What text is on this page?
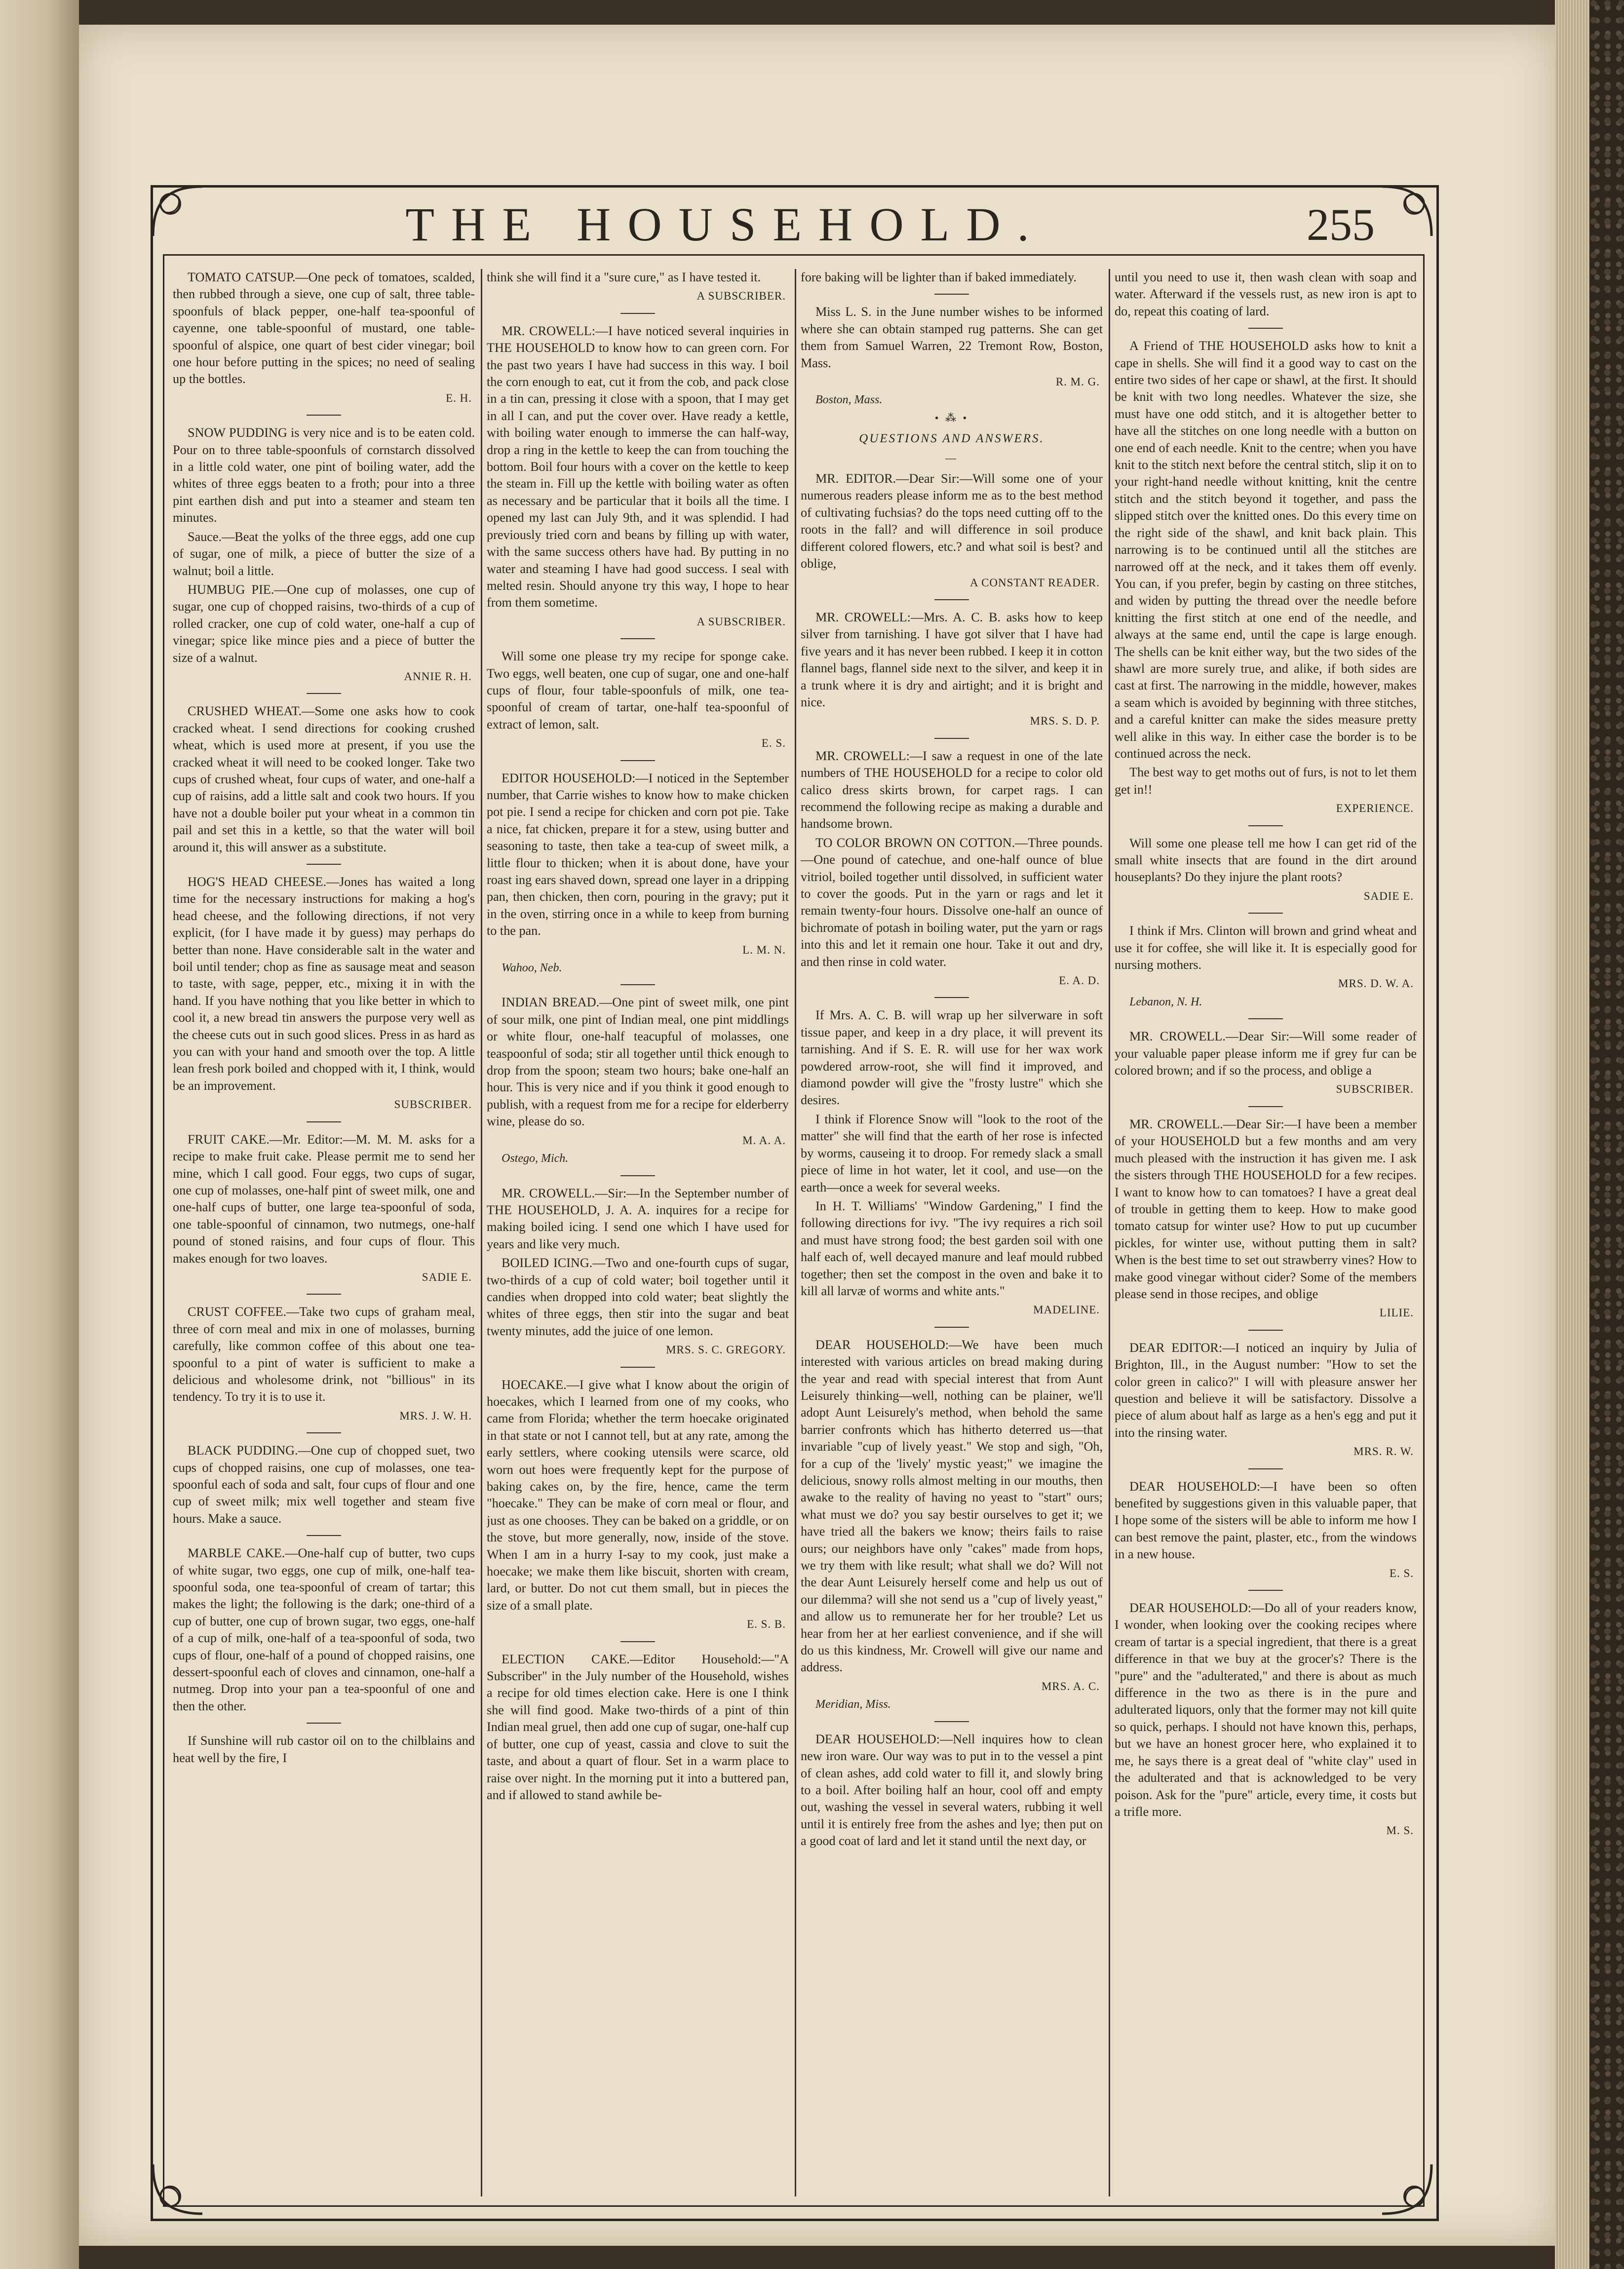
THE HOUSEHOLD.	255

TOMATO CATSUP.—One peck of tomatoes, scalded, then rubbed through a sieve, one cup of salt, three table-spoonfuls of black pepper, one-half tea-spoonful of cayenne, one table-spoonful of mustard, one table-spoonful of alspice, one quart of best cider vinegar; boil one hour before putting in the spices; no need of sealing up the bottles.

E. H.

SNOW PUDDING is very nice and is to be eaten cold. Pour on to three table-spoonfuls of cornstarch dissolved in a little cold water, one pint of boiling water, add the whites of three eggs beaten to a froth; pour into a three pint earthen dish and put into a steamer and steam ten minutes.

Sauce.—Beat the yolks of the three eggs, add one cup of sugar, one of milk, a piece of butter the size of a walnut; boil a little.

HUMBUG PIE.—One cup of molasses, one cup of sugar, one cup of chopped raisins, two-thirds of a cup of rolled cracker, one cup of cold water, one-half a cup of vinegar; spice like mince pies and a piece of butter the size of a walnut.

ANNIE R. H.

CRUSHED WHEAT.—Some one asks how to cook cracked wheat. I send directions for cooking crushed wheat, which is used more at present, if you use the cracked wheat it will need to be cooked longer. Take two cups of crushed wheat, four cups of water, and one-half a cup of raisins, add a little salt and cook two hours. If you have not a double boiler put your wheat in a common tin pail and set this in a kettle, so that the water will boil around it, this will answer as a substitute.

HOG'S HEAD CHEESE.—Jones has waited a long time for the necessary instructions for making a hog's head cheese, and the following directions, if not very explicit, (for I have made it by guess) may perhaps do better than none. Have considerable salt in the water and boil until tender; chop as fine as sausage meat and season to taste, with sage, pepper, etc., mixing it in with the hand. If you have nothing that you like better in which to cool it, a new bread tin answers the purpose very well as the cheese cuts out in such good slices. Press in as hard as you can with your hand and smooth over the top. A little lean fresh pork boiled and chopped with it, I think, would be an improvement.

SUBSCRIBER.

FRUIT CAKE.—Mr. Editor:—M. M. M. asks for a recipe to make fruit cake. Please permit me to send her mine, which I call good. Four eggs, two cups of sugar, one cup of molasses, one-half pint of sweet milk, one and one-half cups of butter, one large tea-spoonful of soda, one table-spoonful of cinnamon, two nutmegs, one-half pound of stoned raisins, and four cups of flour. This makes enough for two loaves.

SADIE E.

CRUST COFFEE.—Take two cups of graham meal, three of corn meal and mix in one of molasses, burning carefully, like common coffee of this about one tea-spoonful to a pint of water is sufficient to make a delicious and wholesome drink, not "billious" in its tendency. To try it is to use it.

MRS. J. W. H.

BLACK PUDDING.—One cup of chopped suet, two cups of chopped raisins, one cup of molasses, one tea-spoonful each of soda and salt, four cups of flour and one cup of sweet milk; mix well together and steam five hours. Make a sauce.

MARBLE CAKE.—One-half cup of butter, two cups of white sugar, two eggs, one cup of milk, one-half tea-spoonful soda, one tea-spoonful of cream of tartar; this makes the light; the following is the dark; one-third of a cup of butter, one cup of brown sugar, two eggs, one-half of a cup of milk, one-half of a tea-spoonful of soda, two cups of flour, one-half of a pound of chopped raisins, one dessert-spoonful each of cloves and cinnamon, one-half a nutmeg. Drop into your pan a tea-spoonful of one and then the other.

If Sunshine will rub castor oil on to the chilblains and heat well by the fire, I

think she will find it a "sure cure," as I have tested it.

A SUBSCRIBER.

MR. CROWELL:—I have noticed several inquiries in THE HOUSEHOLD to know how to can green corn. For the past two years I have had success in this way. I boil the corn enough to eat, cut it from the cob, and pack close in a tin can, pressing it close with a spoon, that I may get in all I can, and put the cover over. Have ready a kettle, with boiling water enough to immerse the can half-way, drop a ring in the kettle to keep the can from touching the bottom. Boil four hours with a cover on the kettle to keep the steam in. Fill up the kettle with boiling water as often as necessary and be particular that it boils all the time. I opened my last can July 9th, and it was splendid. I had previously tried corn and beans by filling up with water, with the same success others have had. By putting in no water and steaming I have had good success. I seal with melted resin. Should anyone try this way, I hope to hear from them sometime.

A SUBSCRIBER.

Will some one please try my recipe for sponge cake. Two eggs, well beaten, one cup of sugar, one and one-half cups of flour, four table-spoonfuls of milk, one tea-spoonful of cream of tartar, one-half tea-spoonful of extract of lemon, salt.

E. S.

EDITOR HOUSEHOLD:—I noticed in the September number, that Carrie wishes to know how to make chicken pot pie. I send a recipe for chicken and corn pot pie. Take a nice, fat chicken, prepare it for a stew, using butter and seasoning to taste, then take a tea-cup of sweet milk, a little flour to thicken; when it is about done, have your roast ing ears shaved down, spread one layer in a dripping pan, then chicken, then corn, pouring in the gravy; put it in the oven, stirring once in a while to keep from burning to the pan.

L. M. N.
Wahoo, Neb.

INDIAN BREAD.—One pint of sweet milk, one pint of sour milk, one pint of Indian meal, one pint middlings or white flour, one-half teacupful of molasses, one teaspoonful of soda; stir all together until thick enough to drop from the spoon; steam two hours; bake one-half an hour. This is very nice and if you think it good enough to publish, with a request from me for a recipe for elderberry wine, please do so.

M. A. A.
Ostego, Mich.

MR. CROWELL.—Sir:—In the September number of THE HOUSEHOLD, J. A. A. inquires for a recipe for making boiled icing. I send one which I have used for years and like very much.

BOILED ICING.—Two and one-fourth cups of sugar, two-thirds of a cup of cold water; boil together until it candies when dropped into cold water; beat slightly the whites of three eggs, then stir into the sugar and beat twenty minutes, add the juice of one lemon.

MRS. S. C. GREGORY.

HOECAKE.—I give what I know about the origin of hoecakes, which I learned from one of my cooks, who came from Florida; whether the term hoecake originated in that state or not I cannot tell, but at any rate, among the early settlers, where cooking utensils were scarce, old worn out hoes were frequently kept for the purpose of baking cakes on, by the fire, hence, came the term "hoecake." They can be make of corn meal or flour, and just as one chooses. They can be baked on a griddle, or on the stove, but more generally, now, inside of the stove. When I am in a hurry I-say to my cook, just make a hoecake; we make them like biscuit, shorten with cream, lard, or butter. Do not cut them small, but in pieces the size of a small plate.

E. S. B.

ELECTION CAKE.—Editor Household:—"A Subscriber" in the July number of the Household, wishes a recipe for old times election cake. Here is one I think she will find good. Make two-thirds of a pint of thin Indian meal gruel, then add one cup of sugar, one-half cup of butter, one cup of yeast, cassia and clove to suit the taste, and about a quart of flour. Set in a warm place to raise over night. In the morning put it into a buttered pan, and if allowed to stand awhile be-

fore baking will be lighter than if baked immediately.

Miss L. S. in the June number wishes to be informed where she can obtain stamped rug patterns. She can get them from Samuel Warren, 22 Tremont Row, Boston, Mass.

R. M. G.
Boston, Mass.
• ⁂ •
QUESTIONS AND ANSWERS.
—

MR. EDITOR.—Dear Sir:—Will some one of your numerous readers please inform me as to the best method of cultivating fuchsias? do the tops need cutting off to the roots in the fall? and will difference in soil produce different colored flowers, etc.? and what soil is best? and oblige,

A CONSTANT READER.

MR. CROWELL:—Mrs. A. C. B. asks how to keep silver from tarnishing. I have got silver that I have had five years and it has never been rubbed. I keep it in cotton flannel bags, flannel side next to the silver, and keep it in a trunk where it is dry and airtight; and it is bright and nice.

MRS. S. D. P.

MR. CROWELL:—I saw a request in one of the late numbers of THE HOUSEHOLD for a recipe to color old calico dress skirts brown, for carpet rags. I can recommend the following recipe as making a durable and handsome brown.

TO COLOR BROWN ON COTTON.—Three pounds.—One pound of catechue, and one-half ounce of blue vitriol, boiled together until dissolved, in sufficient water to cover the goods. Put in the yarn or rags and let it remain twenty-four hours. Dissolve one-half an ounce of bichromate of potash in boiling water, put the yarn or rags into this and let it remain one hour. Take it out and dry, and then rinse in cold water.

E. A. D.

If Mrs. A. C. B. will wrap up her silverware in soft tissue paper, and keep in a dry place, it will prevent its tarnishing. And if S. E. R. will use for her wax work powdered arrow-root, she will find it improved, and diamond powder will give the "frosty lustre" which she desires.

I think if Florence Snow will "look to the root of the matter" she will find that the earth of her rose is infected by worms, causeing it to droop. For remedy slack a small piece of lime in hot water, let it cool, and use—on the earth—once a week for several weeks.

In H. T. Williams' "Window Gardening," I find the following directions for ivy. "The ivy requires a rich soil and must have strong food; the best garden soil with one half each of, well decayed manure and leaf mould rubbed together; then set the compost in the oven and bake it to kill all larvæ of worms and white ants."

MADELINE.

DEAR HOUSEHOLD:—We have been much interested with various articles on bread making during the year and read with special interest that from Aunt Leisurely thinking—well, nothing can be plainer, we'll adopt Aunt Leisurely's method, when behold the same barrier confronts which has hitherto deterred us—that invariable "cup of lively yeast." We stop and sigh, "Oh, for a cup of the 'lively' mystic yeast;" we imagine the delicious, snowy rolls almost melting in our mouths, then awake to the reality of having no yeast to "start" ours; what must we do? you say bestir ourselves to get it; we have tried all the bakers we know; theirs fails to raise ours; our neighbors have only "cakes" made from hops, we try them with like result; what shall we do? Will not the dear Aunt Leisurely herself come and help us out of our dilemma? will she not send us a "cup of lively yeast," and allow us to remunerate her for her trouble? Let us hear from her at her earliest convenience, and if she will do us this kindness, Mr. Crowell will give our name and address.

MRS. A. C.
Meridian, Miss.

DEAR HOUSEHOLD:—Nell inquires how to clean new iron ware. Our way was to put in to the vessel a pint of clean ashes, add cold water to fill it, and slowly bring to a boil. After boiling half an hour, cool off and empty out, washing the vessel in several waters, rubbing it well until it is entirely free from the ashes and lye; then put on a good coat of lard and let it stand until the next day, or

until you need to use it, then wash clean with soap and water. Afterward if the vessels rust, as new iron is apt to do, repeat this coating of lard.

A Friend of THE HOUSEHOLD asks how to knit a cape in shells. She will find it a good way to cast on the entire two sides of her cape or shawl, at the first. It should be knit with two long needles. Whatever the size, she must have one odd stitch, and it is altogether better to have all the stitches on one long needle with a button on one end of each needle. Knit to the centre; when you have knit to the stitch next before the central stitch, slip it on to your right-hand needle without knitting, knit the centre stitch and the stitch beyond it together, and pass the slipped stitch over the knitted ones. Do this every time on the right side of the shawl, and knit back plain. This narrowing is to be continued until all the stitches are narrowed off at the neck, and it takes them off evenly. You can, if you prefer, begin by casting on three stitches, and widen by putting the thread over the needle before knitting the first stitch at one end of the needle, and always at the same end, until the cape is large enough. The shells can be knit either way, but the two sides of the shawl are more surely true, and alike, if both sides are cast at first. The narrowing in the middle, however, makes a seam which is avoided by beginning with three stitches, and a careful knitter can make the sides measure pretty well alike in this way. In either case the border is to be continued across the neck.

The best way to get moths out of furs, is not to let them get in!!

EXPERIENCE.

Will some one please tell me how I can get rid of the small white insects that are found in the dirt around houseplants? Do they injure the plant roots?

SADIE E.

I think if Mrs. Clinton will brown and grind wheat and use it for coffee, she will like it. It is especially good for nursing mothers.

MRS. D. W. A.
Lebanon, N. H.

MR. CROWELL.—Dear Sir:—Will some reader of your valuable paper please inform me if grey fur can be colored brown; and if so the process, and oblige a

SUBSCRIBER.

MR. CROWELL.—Dear Sir:—I have been a member of your HOUSEHOLD but a few months and am very much pleased with the instruction it has given me. I ask the sisters through THE HOUSEHOLD for a few recipes. I want to know how to can tomatoes? I have a great deal of trouble in getting them to keep. How to make good tomato catsup for winter use? How to put up cucumber pickles, for winter use, without putting them in salt? When is the best time to set out strawberry vines? How to make good vinegar without cider? Some of the members please send in those recipes, and oblige

LILIE.

DEAR EDITOR:—I noticed an inquiry by Julia of Brighton, Ill., in the August number: "How to set the color green in calico?" I will with pleasure answer her question and believe it will be satisfactory. Dissolve a piece of alum about half as large as a hen's egg and put it into the rinsing water.

MRS. R. W.

DEAR HOUSEHOLD:—I have been so often benefited by suggestions given in this valuable paper, that I hope some of the sisters will be able to inform me how I can best remove the paint, plaster, etc., from the windows in a new house.

E. S.

DEAR HOUSEHOLD:—Do all of your readers know, I wonder, when looking over the cooking recipes where cream of tartar is a special ingredient, that there is a great difference in that we buy at the grocer's? There is the "pure" and the "adulterated," and there is about as much difference in the two as there is in the pure and adulterated liquors, only that the former may not kill quite so quick, perhaps. I should not have known this, perhaps, but we have an honest grocer here, who explained it to me, he says there is a great deal of "white clay" used in the adulterated and that is acknowledged to be very poison. Ask for the "pure" article, every time, it costs but a trifle more.

M. S.
